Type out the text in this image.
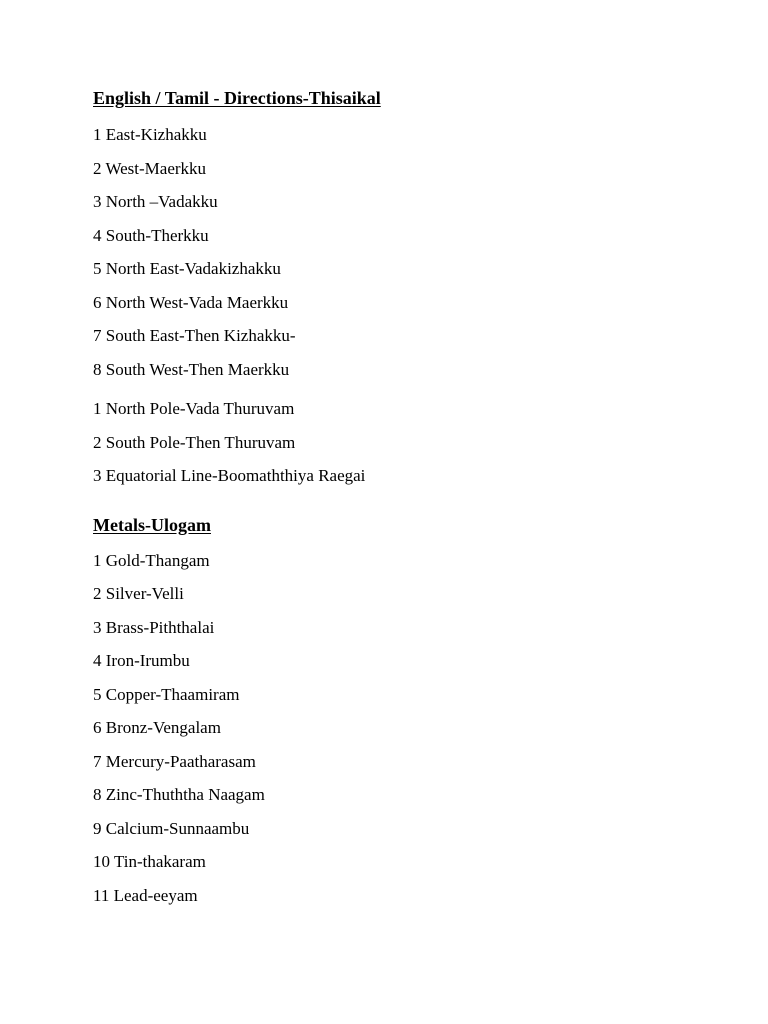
English / Tamil - Directions-Thisaikal
1 East-Kizhakku
2 West-Maerkku
3 North –Vadakku
4 South-Therkku
5 North East-Vadakizhakku
6 North West-Vada Maerkku
7 South East-Then Kizhakku-
8 South West-Then Maerkku
1 North Pole-Vada Thuruvam
2 South Pole-Then Thuruvam
3 Equatorial Line-Boomaththiya Raegai
Metals-Ulogam
1 Gold-Thangam
2 Silver-Velli
3 Brass-Piththalai
4 Iron-Irumbu
5 Copper-Thaamiram
6 Bronz-Vengalam
7 Mercury-Paatharasam
8 Zinc-Thuththa Naagam
9 Calcium-Sunnaambu
10 Tin-thakaram
11 Lead-eeyam
